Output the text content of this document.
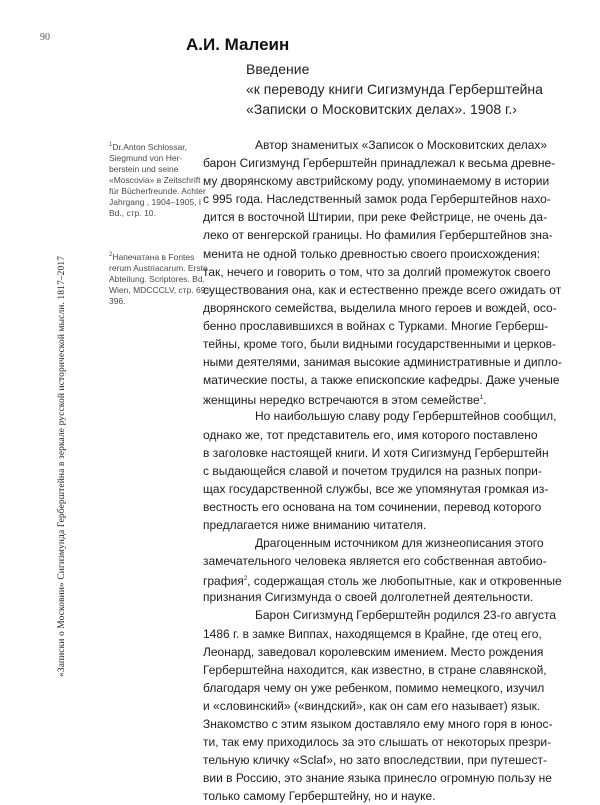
90
«Записки о Московии» Сигизмунда Герберштейна в зеркале русской исторической мысли. 1817–2017
А.И. Малеин
Введение
«к переводу книги Сигизмунда Герберштейна
«Записки о Московитских делах». 1908 г.›
$^1$Dr.Anton Schlossar,
Siegmund von Her-
berstein und seine
«Moscovia» в Zeitschrift
für Bücherfreunde. Achter
Jahrgang , 1904–1905, I
Bd., стр. 10.
$^2$Напечатана в Fontes
rerum Austriacarum. Erste
Abteilung. Scriptores. Bd.
Wien, MDCCCLV, стр. 69–
396.
Автор знаменитых «Записок о Московитских делах»
барон Сигизмунд Герберштейн принадлежал к весьма древне-
му дворянскому австрийскому роду, упоминаемому в истории
с 995 года. Наследственный замок рода Герберштейнов нахо-
дится в восточной Штирии, при реке Фейстрице, не очень да-
леко от венгерской границы. Но фамилия Герберштейнов зна-
менита не одной только древностью своего происхождения:
так, нечего и говорить о том, что за долгий промежуток своего
существования она, как и естественно прежде всего ожидать от
дворянского семейства, выделила много героев и вождей, осо-
бенно прославившихся в войнах с Турками. Многие Герберш-
тейны, кроме того, были видными государственными и церков-
ными деятелями, занимая высокие административные и дипло-
матические посты, а также епископские кафедры. Даже ученые
женщины нередко встречаются в этом семействе$^1$.
Но наибольшую славу роду Герберштейнов сообщил,
однако же, тот представитель его, имя которого поставлено
в заголовке настоящей книги. И хотя Сигизмунд Герберштейн
с выдающейся славой и почетом трудился на разных попри-
щах государственной службы, все же упомянутая громкая из-
вестность его основана на том сочинении, перевод которого
предлагается ниже вниманию читателя.
Драгоценным источником для жизнеописания этого
замечательного человека является его собственная автобио-
графия$^2$, содержащая столь же любопытные, как и откровенные
признания Сигизмунда о своей долголетней деятельности.
Барон Сигизмунд Герберштейн родился 23-го августа
1486 г. в замке Виппах, находящемся в Крайне, где отец его,
Леонард, заведовал королевским имением. Место рождения
Герберштейна находится, как известно, в стране славянской,
благодаря чему он уже ребенком, помимо немецкого, изучил
и «словинский» («виндский», как он сам его называет) язык.
Знакомство с этим языком доставляло ему много горя в юнос-
ти, так ему приходилось за это слышать от некоторых презри-
тельную кличку «Sclaf», но зато впоследствии, при путешест-
вии в Россию, это знание языка принесло огромную пользу не
только самому Герберштейну, но и науке.
